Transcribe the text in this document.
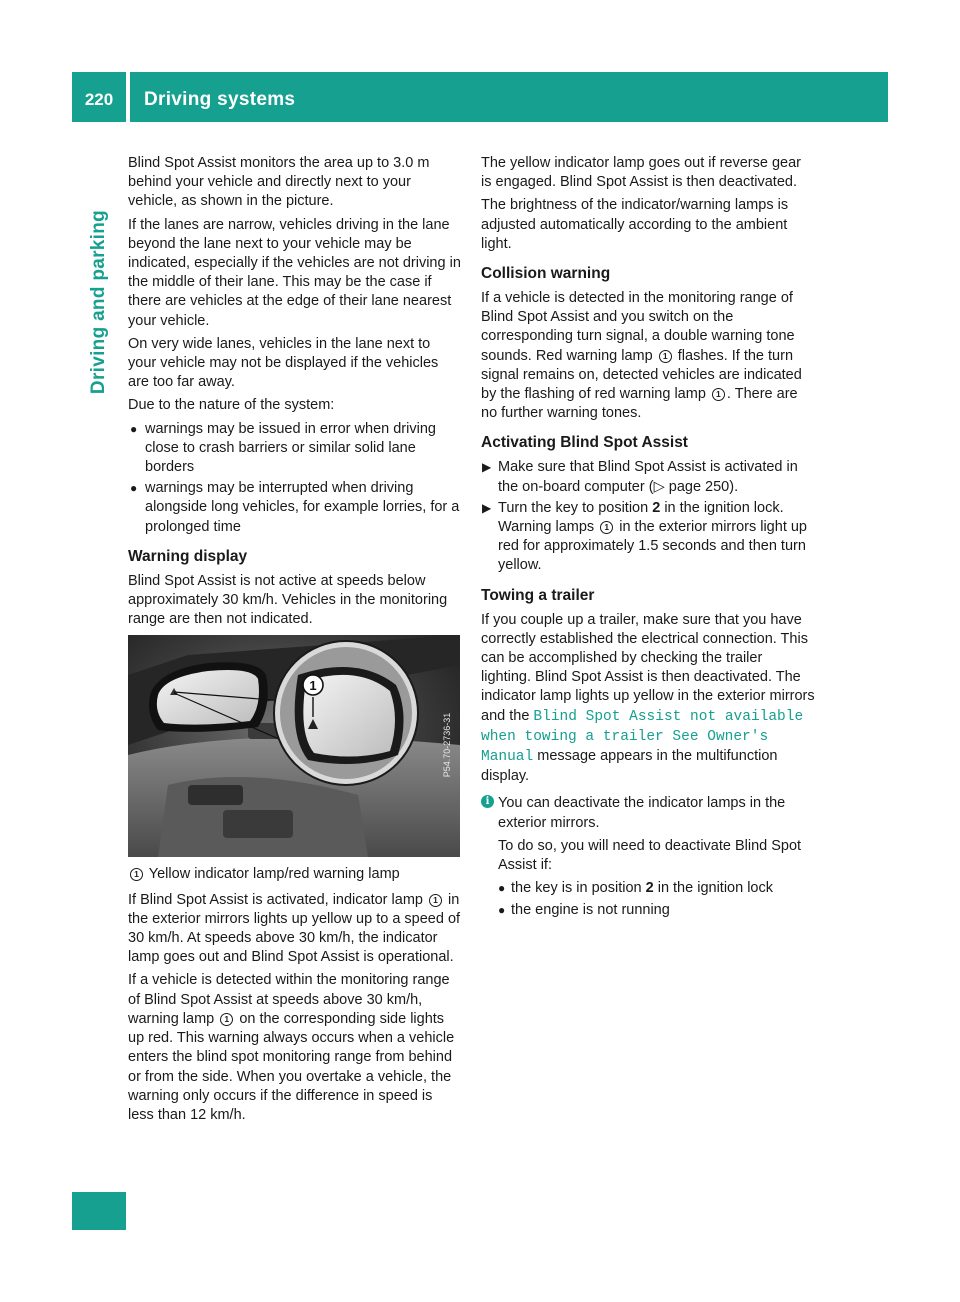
220	Driving systems
Driving and parking

Blind Spot Assist monitors the area up to 3.0 m behind your vehicle and directly next to your vehicle, as shown in the picture.

If the lanes are narrow, vehicles driving in the lane beyond the lane next to your vehicle may be indicated, especially if the vehicles are not driving in the middle of their lane. This may be the case if there are vehicles at the edge of their lane nearest your vehicle.

On very wide lanes, vehicles in the lane next to your vehicle may not be displayed if the vehicles are too far away.

Due to the nature of the system:

● warnings may be issued in error when driving close to crash barriers or similar solid lane borders
● warnings may be interrupted when driving alongside long vehicles, for example lorries, for a prolonged time
Warning display

Blind Spot Assist is not active at speeds below approximately 30 km/h. Vehicles in the monitoring range are then not indicated.

1
P54.70-2736-31

1 Yellow indicator lamp/red warning lamp

If Blind Spot Assist is activated, indicator lamp 1 in the exterior mirrors lights up yellow up to a speed of 30 km/h. At speeds above 30 km/h, the indicator lamp goes out and Blind Spot Assist is operational.

If a vehicle is detected within the monitoring range of Blind Spot Assist at speeds above 30 km/h, warning lamp 1 on the corresponding side lights up red. This warning always occurs when a vehicle enters the blind spot monitoring range from behind or from the side. When you overtake a vehicle, the warning only occurs if the difference in speed is less than 12 km/h.

The yellow indicator lamp goes out if reverse gear is engaged. Blind Spot Assist is then deactivated.

The brightness of the indicator/warning lamps is adjusted automatically according to the ambient light.

Collision warning

If a vehicle is detected in the monitoring range of Blind Spot Assist and you switch on the corresponding turn signal, a double warning tone sounds. Red warning lamp 1 flashes. If the turn signal remains on, detected vehicles are indicated by the flashing of red warning lamp 1 . There are no further warning tones.

Activating Blind Spot Assist
▶ Make sure that Blind Spot Assist is activated in the on-board computer (▷ page 250).
▶ Turn the key to position 2 in the ignition lock. Warning lamps 1 in the exterior mirrors light up red for approximately 1.5 seconds and then turn yellow.
Towing a trailer

If you couple up a trailer, make sure that you have correctly established the electrical connection. This can be accomplished by checking the trailer lighting. Blind Spot Assist is then deactivated. The indicator lamp lights up yellow in the exterior mirrors and the Blind Spot Assist not available when towing a trailer See Owner's Manual message appears in the multifunction display.

i You can deactivate the indicator lamps in the exterior mirrors.

To do so, you will need to deactivate Blind Spot Assist if:

● the key is in position 2 in the ignition lock
● the engine is not running
